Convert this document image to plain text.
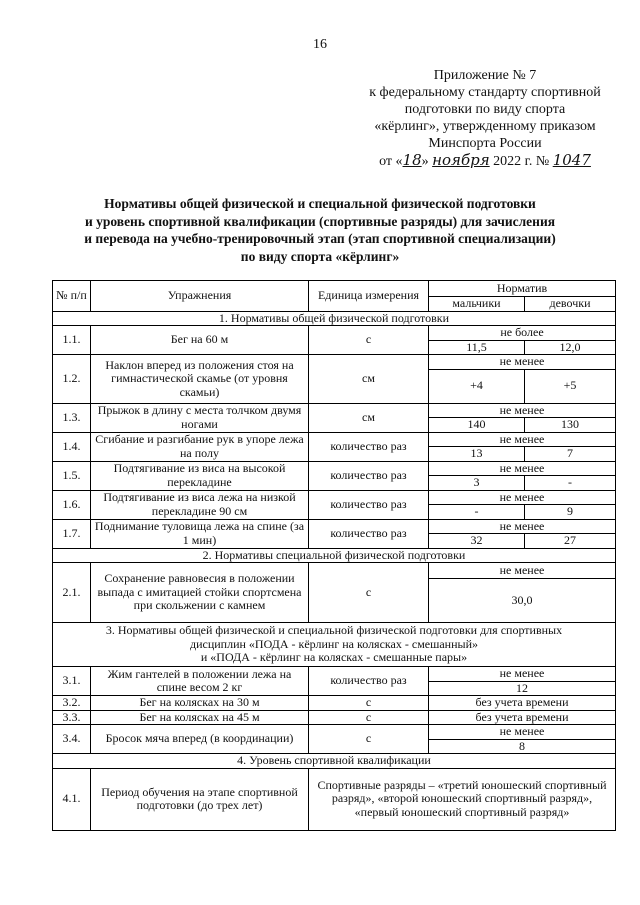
16
Приложение № 7
к федеральному стандарту спортивной
подготовки по виду спорта
«кёрлинг», утвержденному приказом
Минспорта России
от «18» ноября 2022 г. № 1047
Нормативы общей физической и специальной физической подготовки
и уровень спортивной квалификации (спортивные разряды) для зачисления
и перевода на учебно-тренировочный этап (этап спортивной специализации)
по виду спорта «кёрлинг»
№ п/п	Упражнения	Единица измерения	Норматив	
			мальчики	девочки
1. Нормативы общей физической подготовки				
1.1.	Бег на 60 м	с	не более	
			11,5	12,0
1.2.	Наклон вперед из положения стоя на гимнастической скамье (от уровня скамьи)	см	не менее	
			+4	+5
1.3.	Прыжок в длину с места толчком двумя ногами	см	не менее	
			140	130
1.4.	Сгибание и разгибание рук в упоре лежа на полу	количество раз	не менее	
			13	7
1.5.	Подтягивание из виса на высокой перекладине	количество раз	не менее	
			3	-
1.6.	Подтягивание из виса лежа на низкой перекладине 90 см	количество раз	не менее	
			-	9
1.7.	Поднимание туловища лежа на спине (за 1 мин)	количество раз	не менее	
			32	27
2. Нормативы специальной физической подготовки				
2.1.	Сохранение равновесия в положении выпада с имитацией стойки спортсмена при скольжении с камнем	с	не менее	
			30,0	

3. Нормативы общей физической и специальной физической подготовки для спортивных
дисциплин «ПОДА - кёрлинг на колясках - смешанный»
и «ПОДА - кёрлинг на колясках - смешанные пары»				

3.1.	Жим гантелей в положении лежа на спине весом 2 кг	количество раз	не менее	
			12	
3.2.	Бег на колясках на 30 м	с	без учета времени	
3.3.	Бег на колясках на 45 м	с	без учета времени	
3.4.	Бросок мяча вперед (в координации)	с	не менее	
			8	
4. Уровень спортивной квалификации				
4.1.	Период обучения на этапе спортивной подготовки (до трех лет)	Спортивные разряды – «третий юношеский спортивный разряд», «второй юношеский спортивный разряд», «первый юношеский спортивный разряд»		
